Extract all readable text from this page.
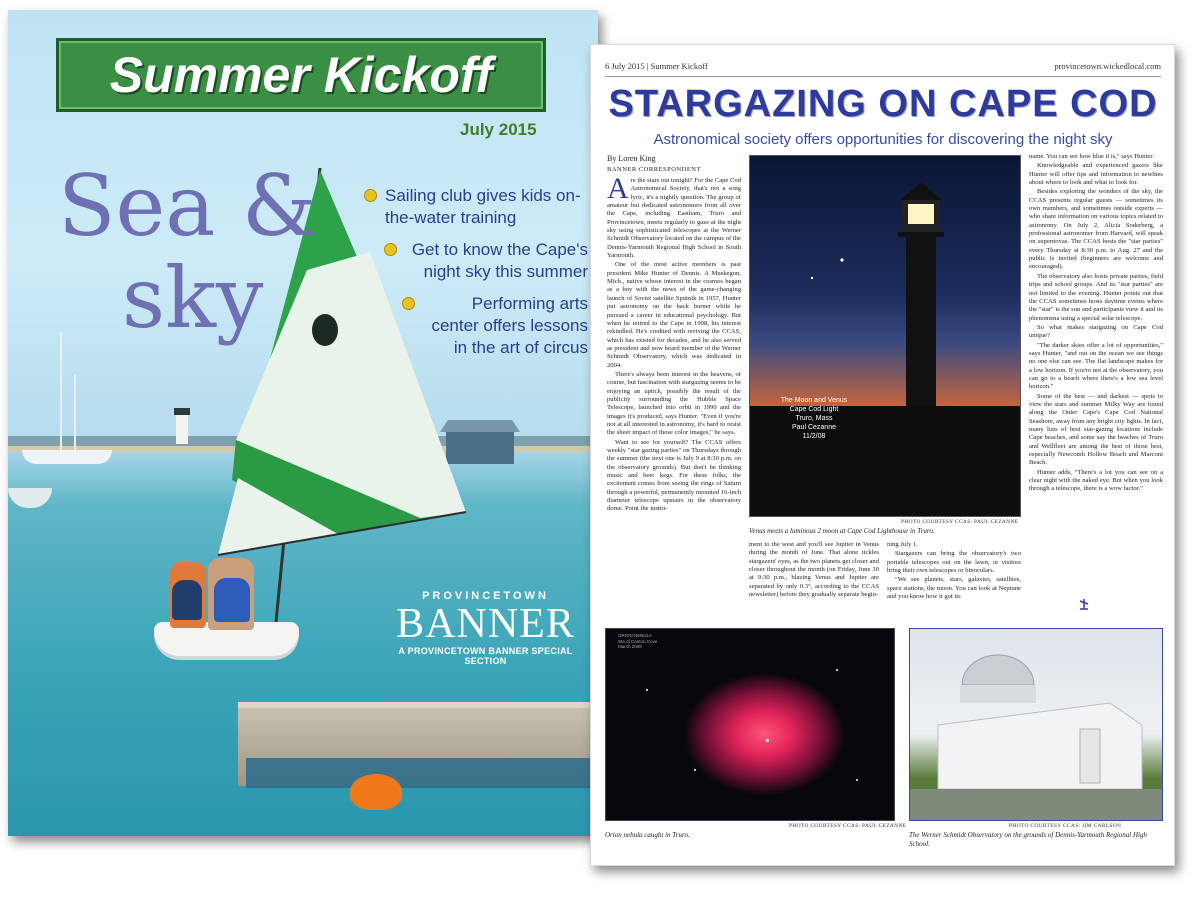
Summer Kickoff
July 2015
Sea &
sky
Sailing club gives kids on-the-water training
Get to know the Cape's night sky this summer
Performing arts center offers lessons in the art of circus
PROVINCETOWN
BANNER
A PROVINCETOWN BANNER SPECIAL SECTION
6 July 2015 | Summer Kickoff	provincetown.wickedlocal.com
STARGAZING ON CAPE COD
Astronomical society offers opportunities for discovering the night sky
By Loren King
BANNER CORRESPONDENT

Are the stars out tonight? For the Cape Cod Astronomical Society, that's not a song lyric, it's a nightly question. The group of amateur but dedicated astronomers from all over the Cape, including Eastham, Truro and Provincetown, meets regularly to gaze at the night sky using sophisticated telescopes at the Werner Schmidt Observatory located on the campus of the Dennis-Yarmouth Regional High School in South Yarmouth.

One of the most active members is past president Mike Hunter of Dennis. A Muskegon, Mich., native whose interest in the cosmos began as a boy with the news of the game-changing launch of Soviet satellite Sputnik in 1957, Hunter put astronomy on the back burner while he pursued a career in educational psychology. But when he retired to the Cape in 1998, his interest rekindled. He's credited with reviving the CCAS, which has existed for decades, and he also served as president and now board member of the Werner Schmidt Observatory, which was dedicated in 2004.

There's always been interest in the heavens, of course, but fascination with stargazing seems to be enjoying an uptick, possibly the result of the publicity surrounding the Hubble Space Telescope, launched into orbit in 1990 and the images it's produced, says Hunter. "Even if you're not at all interested in astronomy, it's hard to resist the sheer impact of those color images," he says.

Want to see for yourself? The CCAS offers weekly "star gazing parties" on Thursdays through the summer (the next one is July 9 at 8:30 p.m. on the observatory grounds). But don't be thinking music and beer kegs. For these folks, the excitement comes from seeing the rings of Saturn through a powerful, permanently mounted 16-inch diameter telescope upstairs in the observatory dome. Point the instru-

The Moon and Venus
Cape Cod Light
Truro, Mass
Paul Cezanne
11/2/08
PHOTO COURTESY CCAS: PAUL CEZANNE
Venus meets a luminous 2 moon at Cape Cod Lighthouse in Truro.

ment to the west and you'll see Jupiter in Venus during the month of June. That alone tickles stargazers' eyes, as the two planets get closer and closer throughout the month (on Friday, June 30 at 9:30 p.m., blazing Venus and Jupiter are separated by only 0.3°, according to the CCAS newsletter) before they gradually separate begin-

ning July 1.

Stargazers can bring the observatory's two portable telescopes out on the lawn, or visitors bring their own telescopes or binoculars.

"We see planets, stars, galaxies, satellites, space stations, the moon. You can look at Neptune and you know how it got its

name. You can see how blue it is," says Hunter.

Knowledgeable and experienced gazers like Hunter will offer tips and information to newbies about where to look and what to look for.

Besides exploring the wonders of the sky, the CCAS presents regular guests — sometimes its own members, and sometimes outside experts — who share information on various topics related to astronomy. On July 2, Alicia Soderberg, a professional astronomer from Harvard, will speak on supernovas. The CCAS hosts the "star parties" every Thursday at 8:30 p.m. to Aug. 27 and the public is invited (beginners are welcome and encouraged).

The observatory also hosts private parties, field trips and school groups. And its "star parties" are not limited to the evening. Hunter points out that the CCAS sometimes hosts daytime events where the "star" is the sun and participants view it and its phenomena using a special solar telescope.

So what makes stargazing on Cape Cod unique?

"The darker skies offer a lot of opportunities," says Hunter, "and out on the ocean we see things no one else can see. The flat landscape makes for a low horizon. If you're not at the observatory, you can go to a beach where there's a low sea level horizon."

Some of the best — and darkest — spots to view the stars and summer Milky Way are found along the Outer Cape's Cape Cod National Seashore, away from any bright city lights. In fact, many lists of best star-gazing locations include Cape beaches, and some say the beaches of Truro and Wellfleet are among the best of those best, especially Newcomb Hollow Beach and Marconi Beach.

Hunter adds, "There's a lot you can see on a clear night with the naked eye. But when you look through a telescope, there is a wow factor."

ORION NEBULA
Sta of Canton Cove
March 2008
PHOTO COURTESY CCAS: PAUL CEZANNE
Orion nebula caught in Truro.
PHOTO COURTESY CCAS: JIM CARLSON
The Werner Schmidt Observatory on the grounds of Dennis-Yarmouth Regional High School.
